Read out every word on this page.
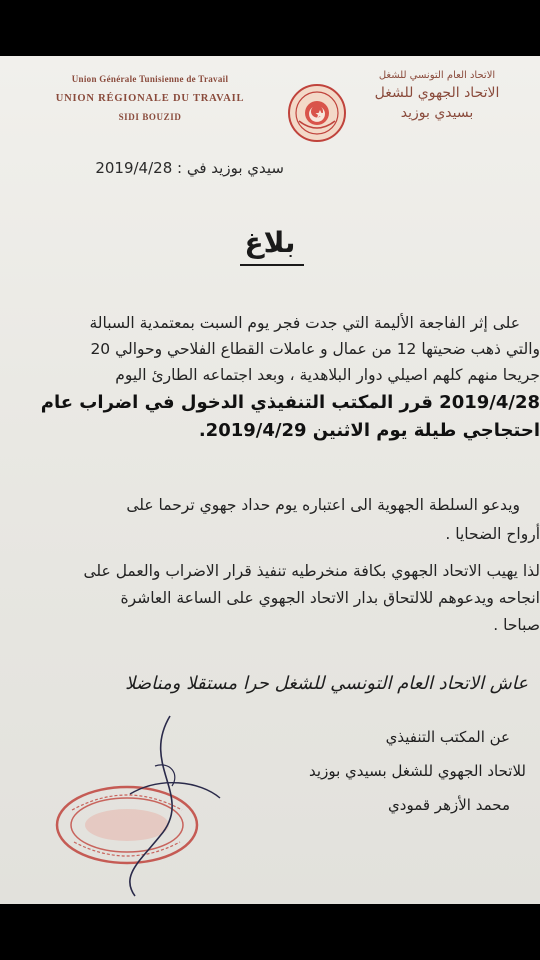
Union Générale Tunisienne de Travail
UNION RÉGIONALE DU TRAVAIL
SIDI BOUZID
الاتحاد العام التونسي للشغل
الاتحاد الجهوي للشغل
بسيدي بوزيد
سيدي بوزيد في : 2019/4/28
بلاغ
على إثر الفاجعة الأليمة التي جدت فجر يوم السبت بمعتمدية السبالة
والتي ذهب ضحيتها 12 من عمال و عاملات القطاع الفلاحي وحوالي 20
جريحا منهم كلهم اصيلي دوار البلاهدية ، وبعد اجتماعه الطارئ اليوم
2019/4/28 قرر المكتب التنفيذي الدخول في اضراب عام
احتجاجي طيلة يوم الاثنين 2019/4/29.
ويدعو السلطة الجهوية الى اعتباره يوم حداد جهوي ترحما على
أرواح الضحايا .
لذا يهيب الاتحاد الجهوي بكافة منخرطيه تنفيذ قرار الاضراب والعمل على
انجاحه ويدعوهم للالتحاق بدار الاتحاد الجهوي على الساعة العاشرة
صباحا .
عاش الاتحاد العام التونسي للشغل حرا مستقلا ومناضلا
عن المكتب التنفيذي
للاتحاد الجهوي للشغل بسيدي بوزيد
محمد الأزهر قمودي
